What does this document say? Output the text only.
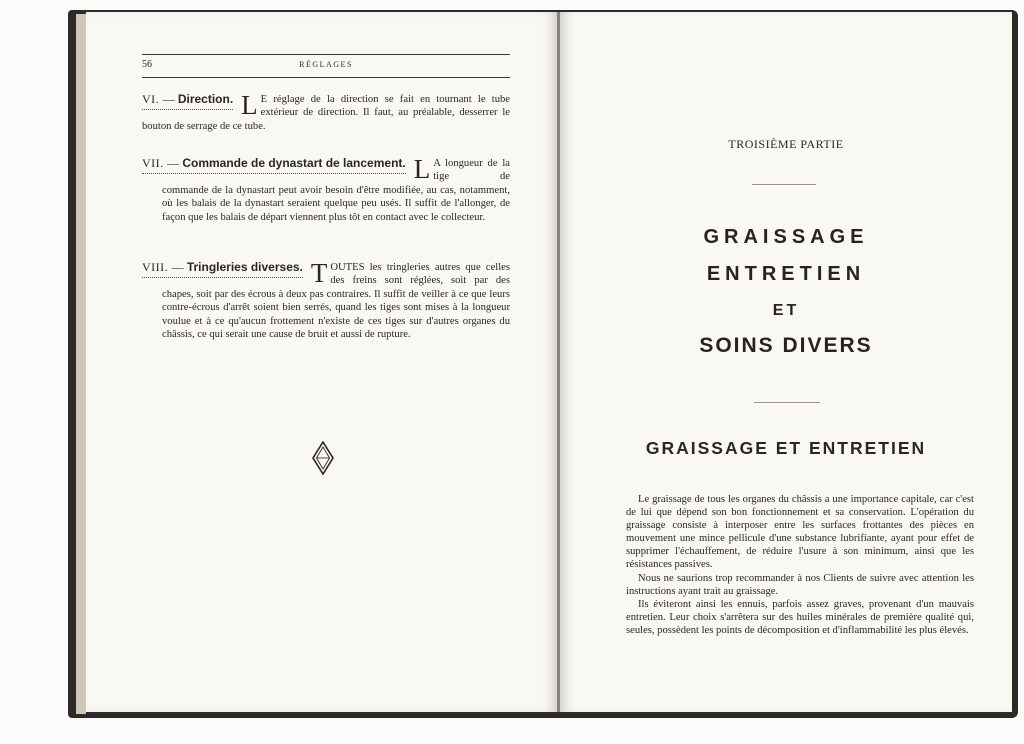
56	RÉGLAGES
VI. — Direction. L E réglage de la direction se fait en tournant le tube extérieur de direction. Il faut, au préalable, desserrer le bouton de serrage de ce tube.
VII. — Commande de dynastart de lancement. L A longueur de la tige de commande de la dynastart peut avoir besoin d'être modifiée, au cas, notamment, où les balais de la dynastart seraient quelque peu usés. Il suffit de l'allonger, de façon que les balais de départ viennent plus tôt en contact avec le collecteur.
VIII. — Tringleries diverses. T OUTES les tringleries autres que celles des freins sont réglées, soit par des chapes, soit par des écrous à deux pas contraires. Il suffit de veiller à ce que leurs contre-écrous d'arrêt soient bien serrés, quand les tiges sont mises à la longueur voulue et à ce qu'aucun frottement n'existe de ces tiges sur d'autres organes du châssis, ce qui serait une cause de bruit et aussi de rupture.
TROISIÈME PARTIE
GRAISSAGE
ENTRETIEN
ET
SOINS DIVERS
GRAISSAGE ET ENTRETIEN

Le graissage de tous les organes du châssis a une importance capitale, car c'est de lui que dépend son bon fonctionnement et sa conservation. L'opération du graissage consiste à interposer entre les surfaces frottantes des pièces en mouvement une mince pellicule d'une substance lubrifiante, ayant pour effet de supprimer l'échauffement, de réduire l'usure à son minimum, ainsi que les résistances passives.

Nous ne saurions trop recommander à nos Clients de suivre avec attention les instructions ayant trait au graissage.

Ils éviteront ainsi les ennuis, parfois assez graves, provenant d'un mauvais entretien. Leur choix s'arrêtera sur des huiles minérales de première qualité qui, seules, possèdent les points de décomposition et d'inflammabilité les plus élevés.
